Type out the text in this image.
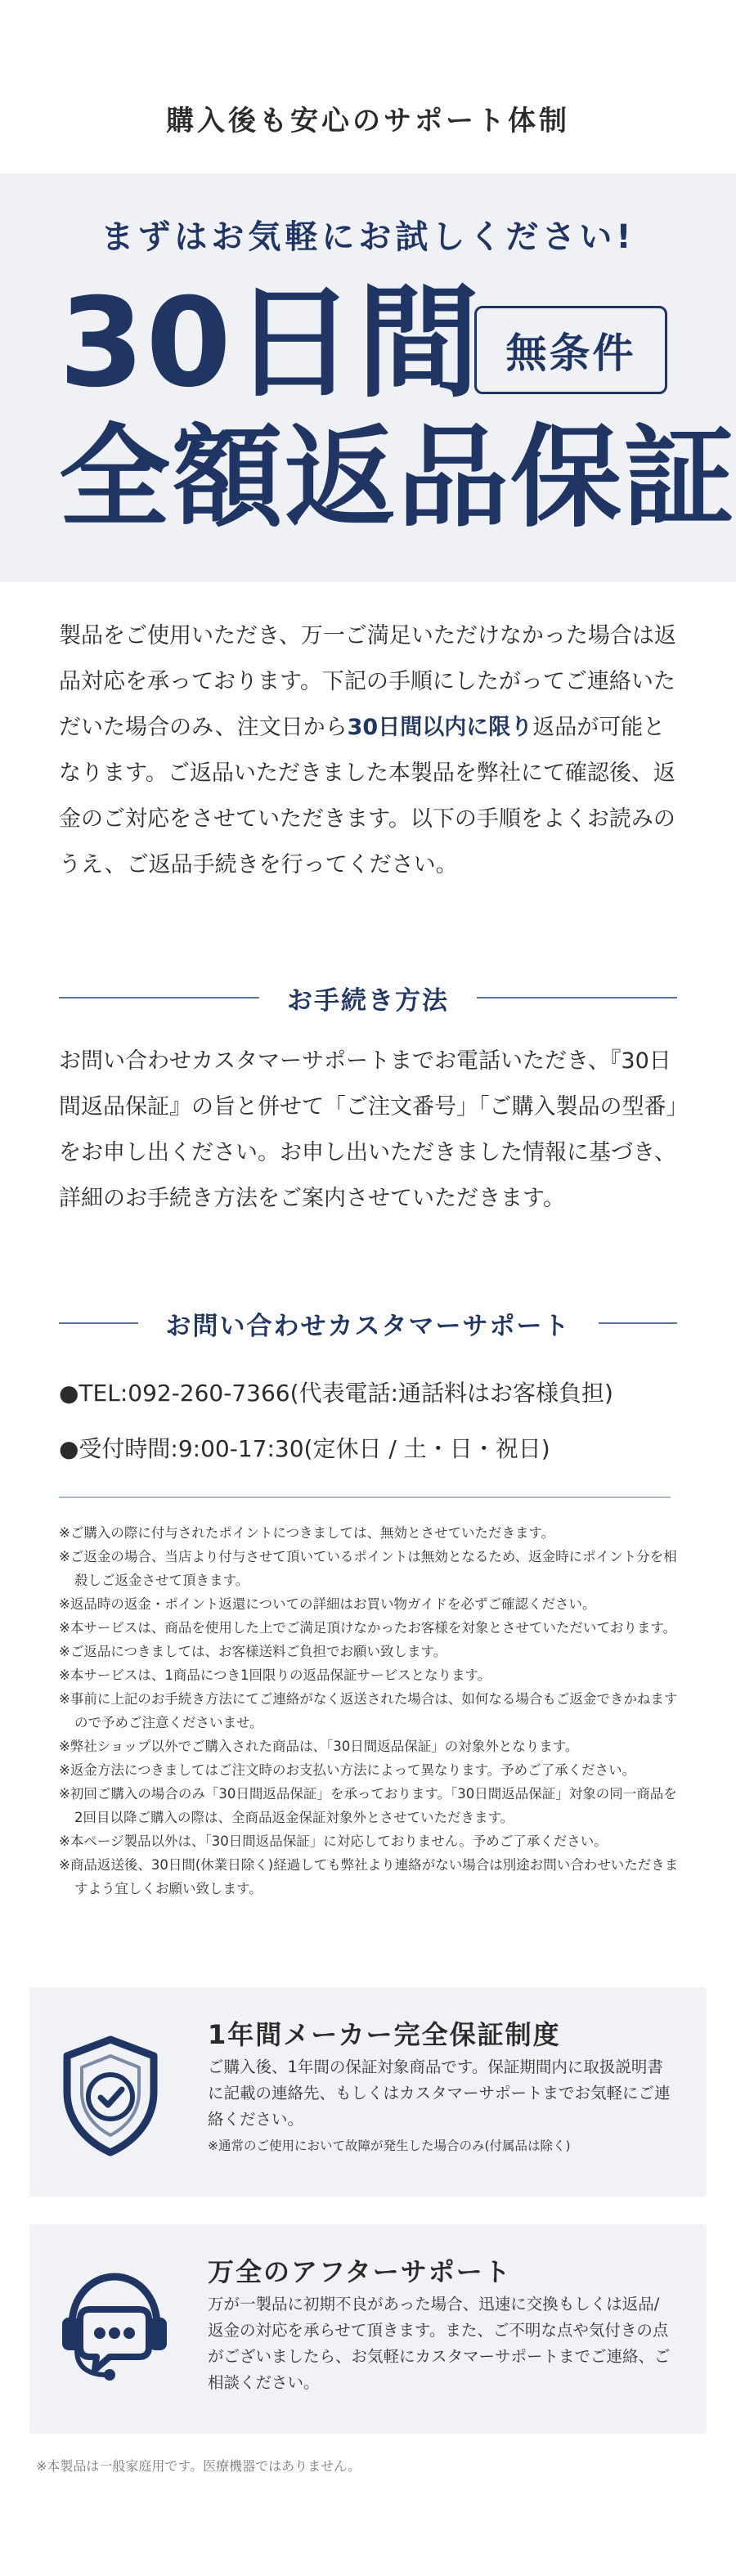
購入後も安心のサポート体制
まずはお気軽にお試しください!
30日間 無条件
全額返品保証
製品をご使用いただき、万一ご満足いただけなかった場合は返品対応を承っております。下記の手順にしたがってご連絡いただいた場合のみ、注文日から30日間以内に限り返品が可能となります。ご返品いただきました本製品を弊社にて確認後、返金のご対応をさせていただきます。以下の手順をよくお読みのうえ、ご返品手続きを行ってください。
お手続き方法
お問い合わせカスタマーサポートまでお電話いただき、『30日間返品保証』の旨と併せて「ご注文番号」「ご購入製品の型番」をお申し出ください。お申し出いただきました情報に基づき、詳細のお手続き方法をご案内させていただきます。
お問い合わせカスタマーサポート
●TEL:092-260-7366(代表電話:通話料はお客様負担)
●受付時間:9:00-17:30(定休日 / 土・日・祝日)
※ご購入の際に付与されたポイントにつきましては、無効とさせていただきます。
※ご返金の場合、当店より付与させて頂いているポイントは無効となるため、返金時にポイント分を相殺しご返金させて頂きます。
※返品時の返金・ポイント返還についての詳細はお買い物ガイドを必ずご確認ください。
※本サービスは、商品を使用した上でご満足頂けなかったお客様を対象とさせていただいております。
※ご返品につきましては、お客様送料ご負担でお願い致します。
※本サービスは、1商品につき1回限りの返品保証サービスとなります。
※事前に上記のお手続き方法にてご連絡がなく返送された場合は、如何なる場合もご返金できかねますので予めご注意くださいませ。
※弊社ショップ以外でご購入された商品は、「30日間返品保証」の対象外となります。
※返金方法につきましてはご注文時のお支払い方法によって異なります。予めご了承ください。
※初回ご購入の場合のみ「30日間返品保証」を承っております。「30日間返品保証」対象の同一商品を2回目以降ご購入の際は、全商品返金保証対象外とさせていただきます。
※本ページ製品以外は、「30日間返品保証」に対応しておりません。予めご了承ください。
※商品返送後、30日間(休業日除く)経過しても弊社より連絡がない場合は別途お問い合わせいただきますよう宜しくお願い致します。
1年間メーカー完全保証制度
ご購入後、1年間の保証対象商品です。保証期間内に取扱説明書に記載の連絡先、もしくはカスタマーサポートまでお気軽にご連絡ください。
※通常のご使用において故障が発生した場合のみ(付属品は除く)
万全のアフターサポート
万が一製品に初期不良があった場合、迅速に交換もしくは返品/返金の対応を承らせて頂きます。また、ご不明な点や気付きの点がございましたら、お気軽にカスタマーサポートまでご連絡、ご相談ください。
※本製品は一般家庭用です。医療機器ではありません。
